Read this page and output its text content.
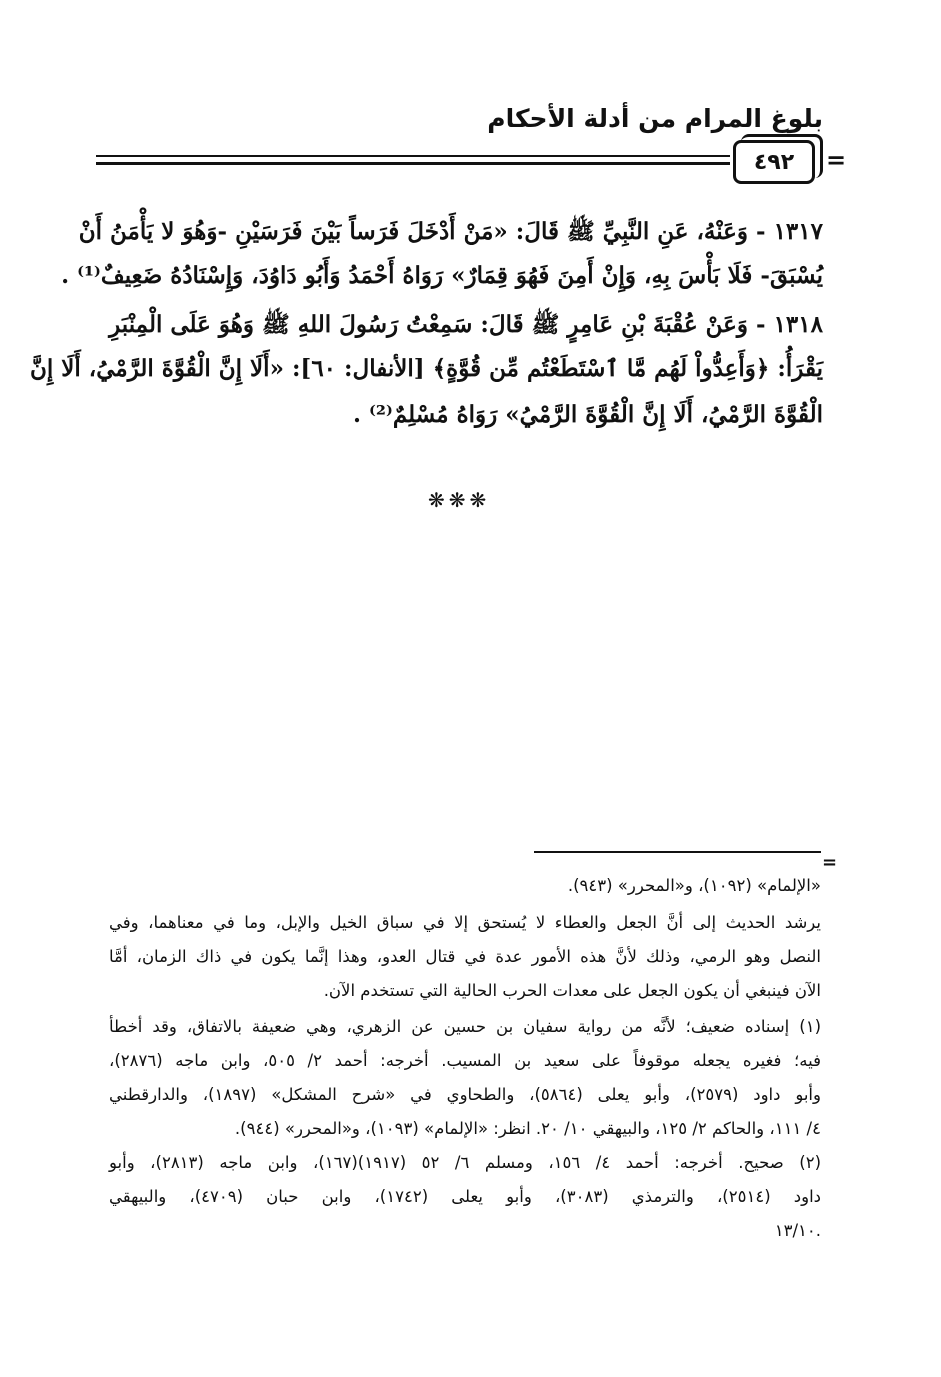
بلوغ المرام من أدلة الأحكام
٤٩٢	=
١٣١٧ - وَعَنْهُ، عَنِ النَّبِيِّ ﷺ قَالَ: «مَنْ أَدْخَلَ فَرَساً بَيْنَ فَرَسَيْنِ -وَهُوَ لا يَأْمَنُ أَنْ
يُسْبَقَ- فَلَا بَأْسَ بِهِ، وَإِنْ أَمِنَ فَهُوَ قِمَارٌ» رَوَاهُ أَحْمَدُ وَأَبُو دَاوُدَ، وَإِسْنَادُهُ ضَعِيفٌ⁽¹⁾ .
١٣١٨ - وَعَنْ عُقْبَةَ بْنِ عَامِرٍ ﷺ قَالَ: سَمِعْتُ رَسُولَ اللهِ ﷺ وَهُوَ عَلَى الْمِنْبَرِ
يَقْرَأُ: ﴿وَأَعِدُّواْ لَهُم مَّا ٱسْتَطَعْتُم مِّن قُوَّةٍ﴾ [الأنفال: ٦٠]: «أَلَا إِنَّ الْقُوَّةَ الرَّمْيُ، أَلَا إِنَّ
الْقُوَّةَ الرَّمْيُ، أَلَا إِنَّ الْقُوَّةَ الرَّمْيُ» رَوَاهُ مُسْلِمٌ⁽²⁾ .
❋❋❋
=
«الإلمام» (١٠٩٢)، و«المحرر» (٩٤٣).
يرشد الحديث إلى أنَّ الجعل والعطاء لا يُستحق إلا في سباق الخيل والإبل، وما في معناهما، وفي
النصل وهو الرمي، وذلك لأنَّ هذه الأمور عدة في قتال العدو، وهذا إنَّما يكون في ذاك الزمان، أمَّا
الآن فينبغي أن يكون الجعل على معدات الحرب الحالية التي تستخدم الآن.
(١) إسناده ضعيف؛ لأنَّه من رواية سفيان بن حسين عن الزهري، وهي ضعيفة بالاتفاق، وقد أخطأ
فيه؛ فغيره يجعله موقوفاً على سعيد بن المسيب. أخرجه: أحمد ٢/ ٥٠٥، وابن ماجه (٢٨٧٦)،
وأبو داود (٢٥٧٩)، وأبو يعلى (٥٨٦٤)، والطحاوي في «شرح المشكل» (١٨٩٧)، والدارقطني
٤/ ١١١، والحاكم ٢/ ١٢٥، والبيهقي ١٠/ ٢٠. انظر: «الإلمام» (١٠٩٣)، و«المحرر» (٩٤٤).
(٢) صحيح. أخرجه: أحمد ٤/ ١٥٦، ومسلم ٦/ ٥٢ (١٩١٧)(١٦٧)، وابن ماجه (٢٨١٣)، وأبو
داود (٢٥١٤)، والترمذي (٣٠٨٣)، وأبو يعلى (١٧٤٢)، وابن حبان (٤٧٠٩)، والبيهقي
.١٣/١٠
